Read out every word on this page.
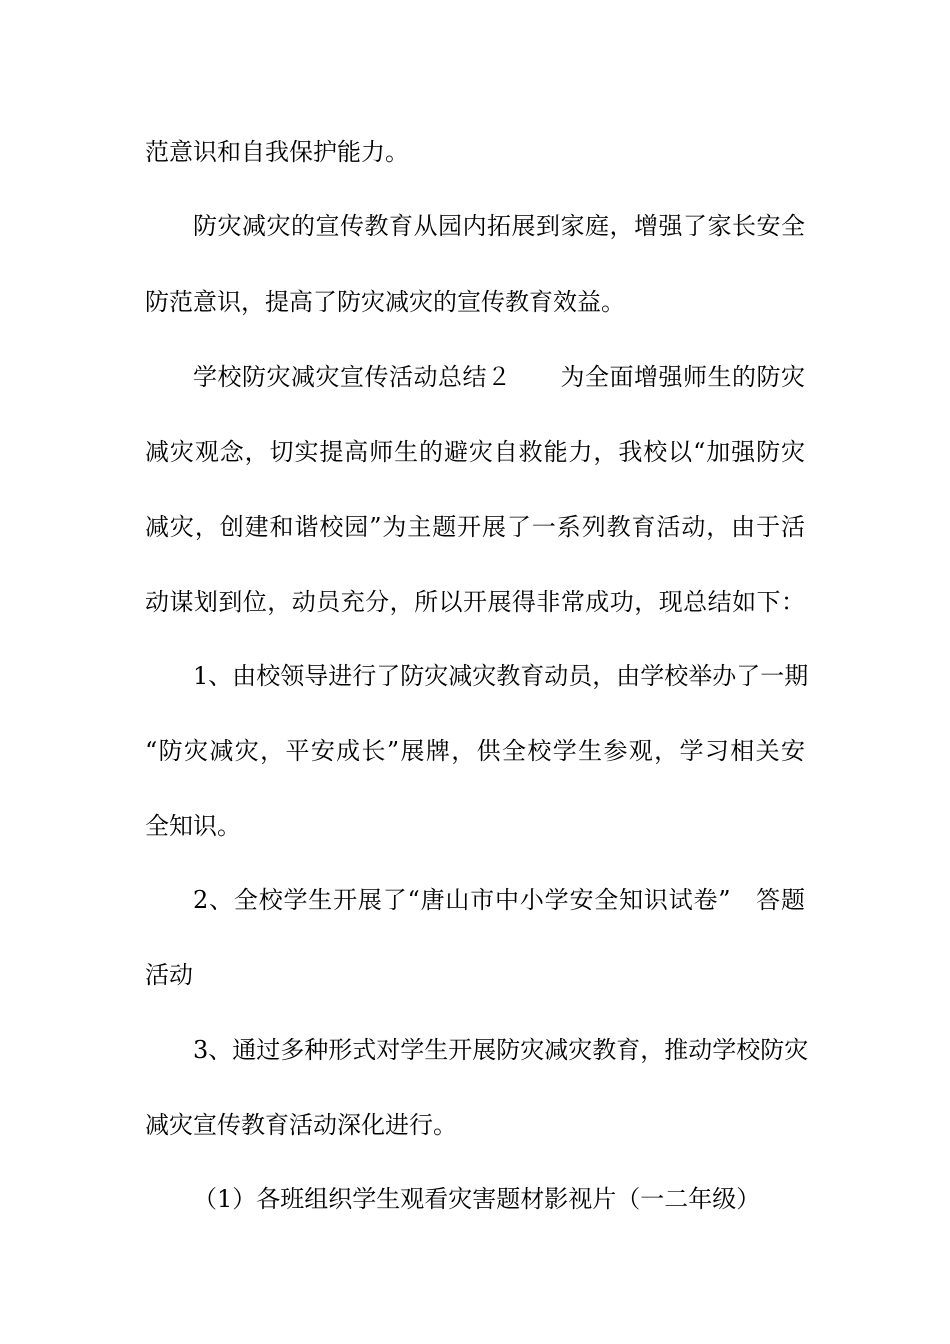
范意识和自我保护能力。
防灾减灾的宣传教育从园内拓展到家庭，增强了家长安全
防范意识，提高了防灾减灾的宣传教育效益。
学校防灾减灾宣传活动总结２　　为全面增强师生的防灾
减灾观念，切实提高师生的避灾自救能力，我校以“加强防灾
减灾，创建和谐校园”为主题开展了一系列教育活动，由于活
动谋划到位，动员充分，所以开展得非常成功，现总结如下：
1、由校领导进行了防灾减灾教育动员，由学校举办了一期
“防灾减灾，平安成长”展牌，供全校学生参观，学习相关安
全知识。
2、全校学生开展了“唐山市中小学安全知识试卷”　答题
活动
3、通过多种形式对学生开展防灾减灾教育，推动学校防灾
减灾宣传教育活动深化进行。
（1）各班组织学生观看灾害题材影视片（一二年级）
